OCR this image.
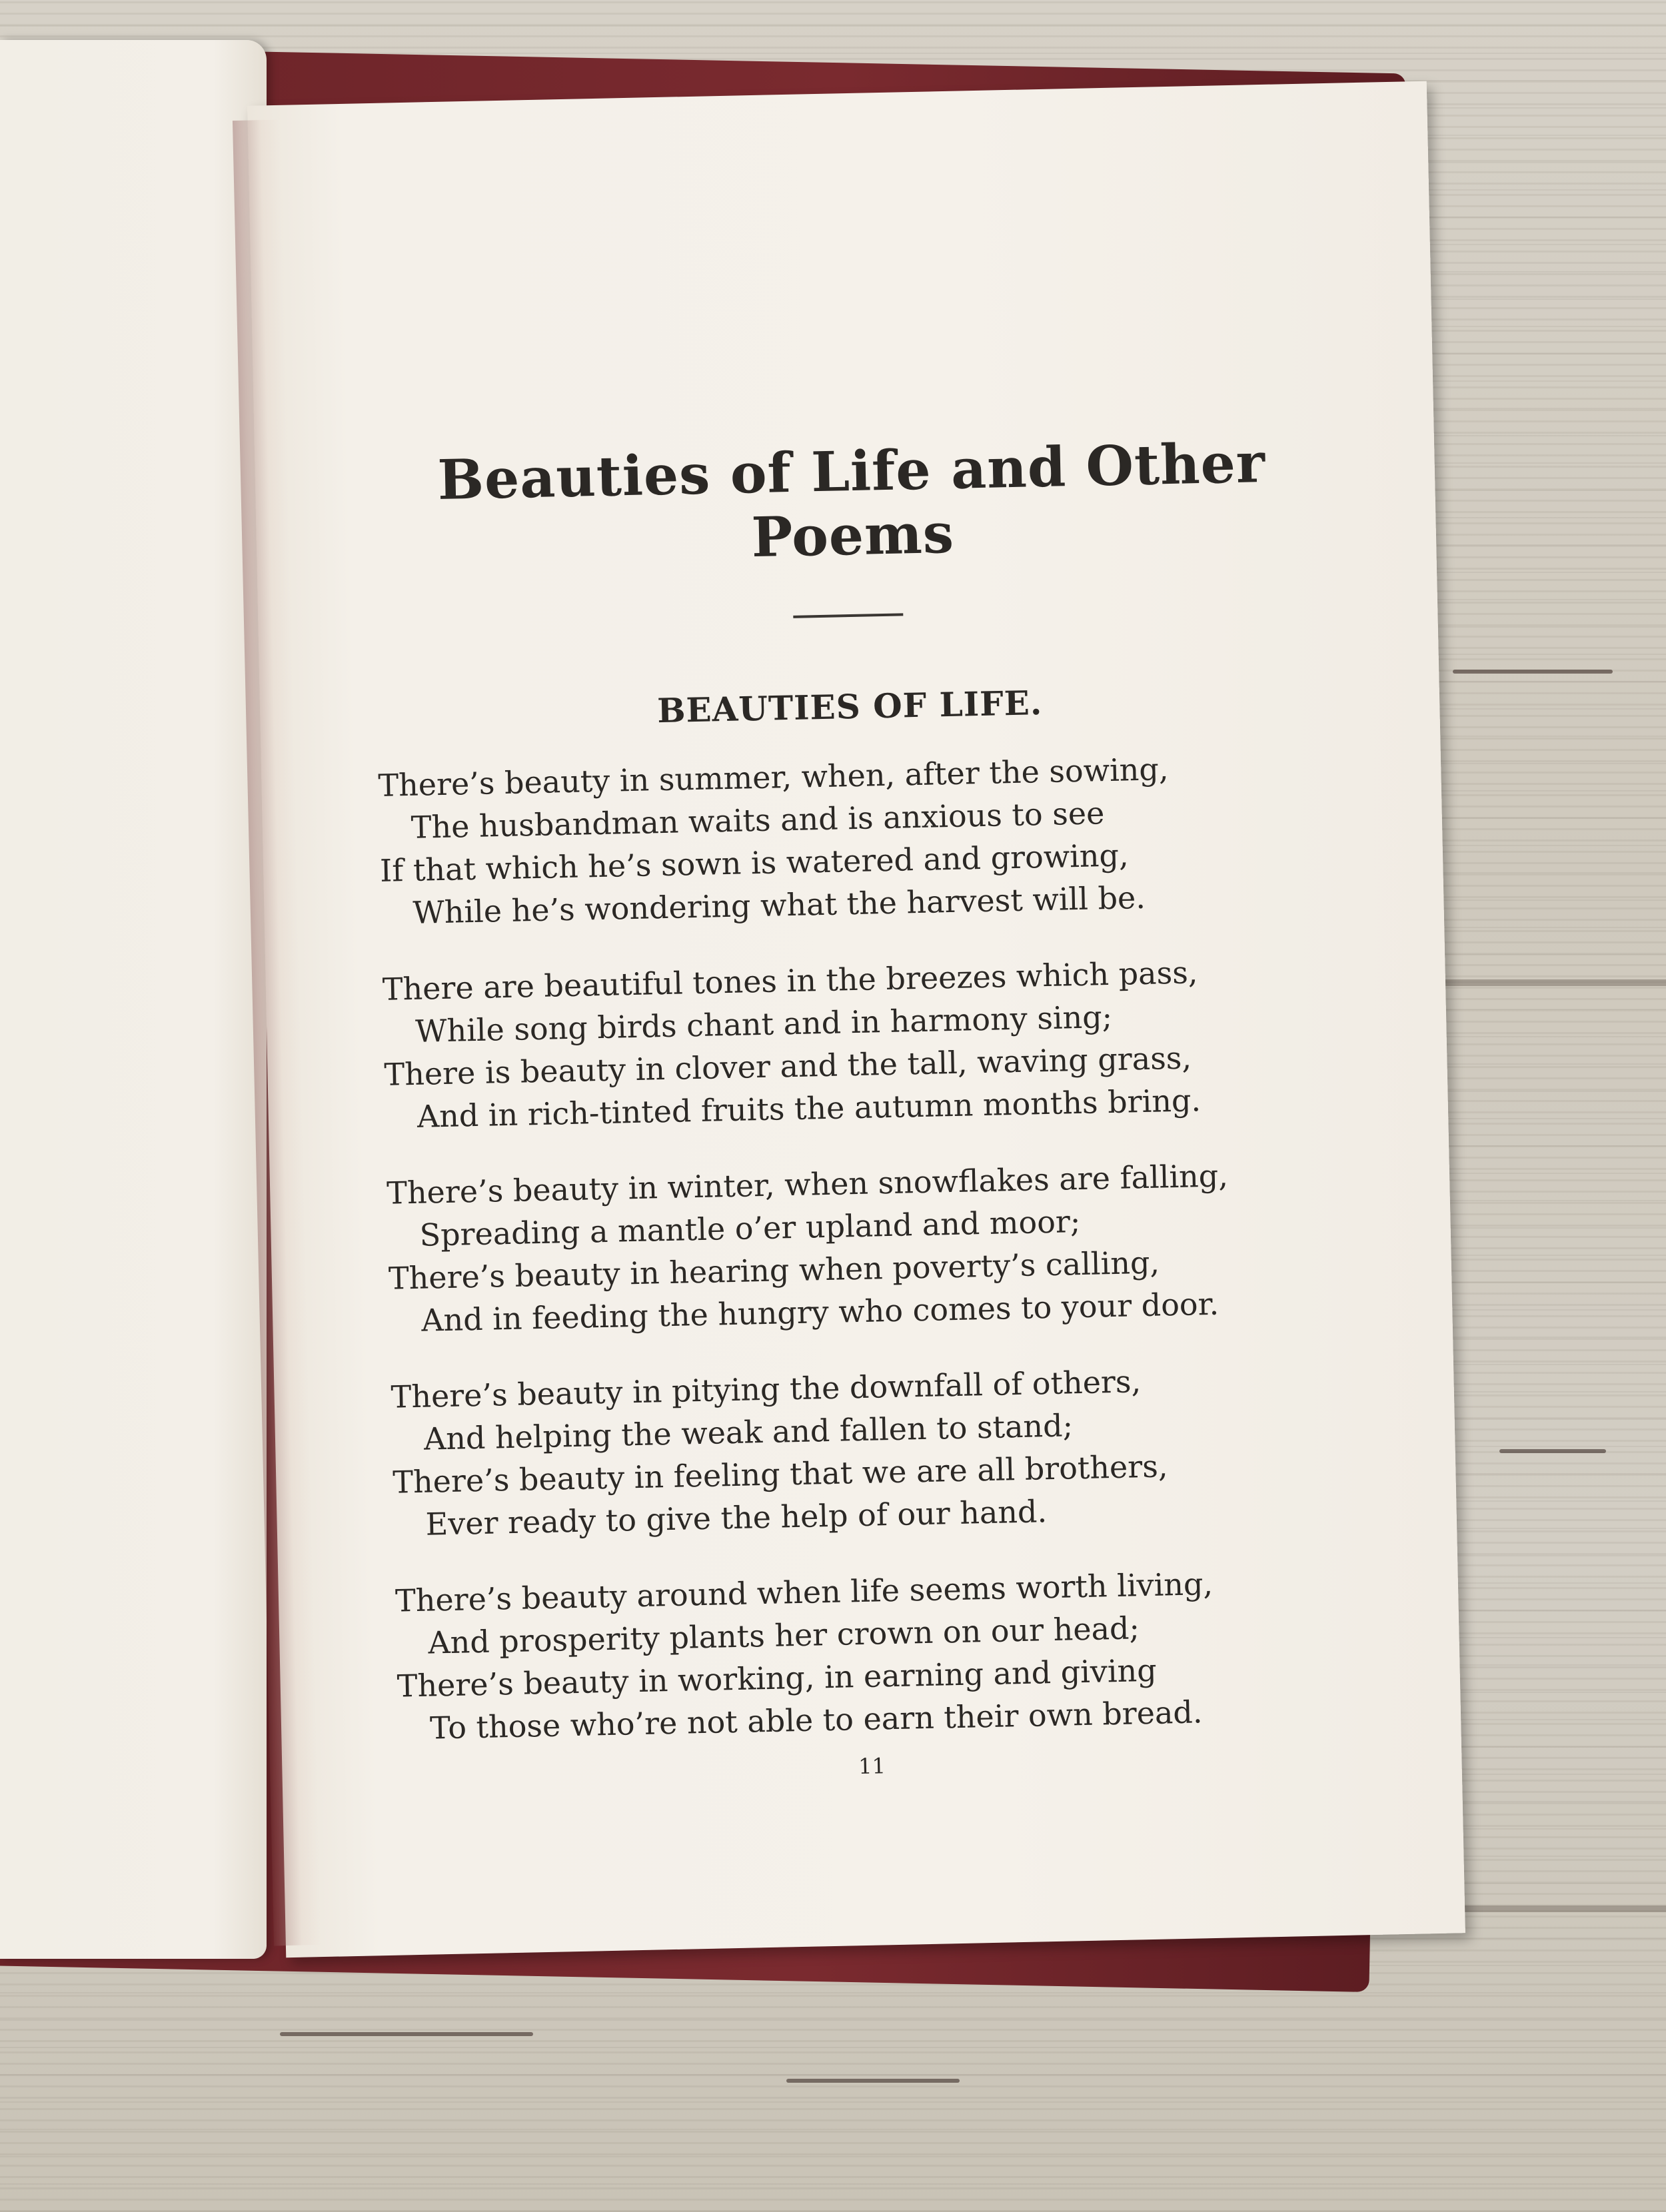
Beauties of Life and Other Poems
BEAUTIES OF LIFE.
There’s beauty in summer, when, after the sowing,
The husbandman waits and is anxious to see
If that which he’s sown is watered and growing,
While he’s wondering what the harvest will be.
There are beautiful tones in the breezes which pass,
While song birds chant and in harmony sing;
There is beauty in clover and the tall, waving grass,
And in rich-tinted fruits the autumn months bring.
There’s beauty in winter, when snowflakes are falling,
Spreading a mantle o’er upland and moor;
There’s beauty in hearing when poverty’s calling,
And in feeding the hungry who comes to your door.
There’s beauty in pitying the downfall of others,
And helping the weak and fallen to stand;
There’s beauty in feeling that we are all brothers,
Ever ready to give the help of our hand.
There’s beauty around when life seems worth living,
And prosperity plants her crown on our head;
There’s beauty in working, in earning and giving
To those who’re not able to earn their own bread.
11
